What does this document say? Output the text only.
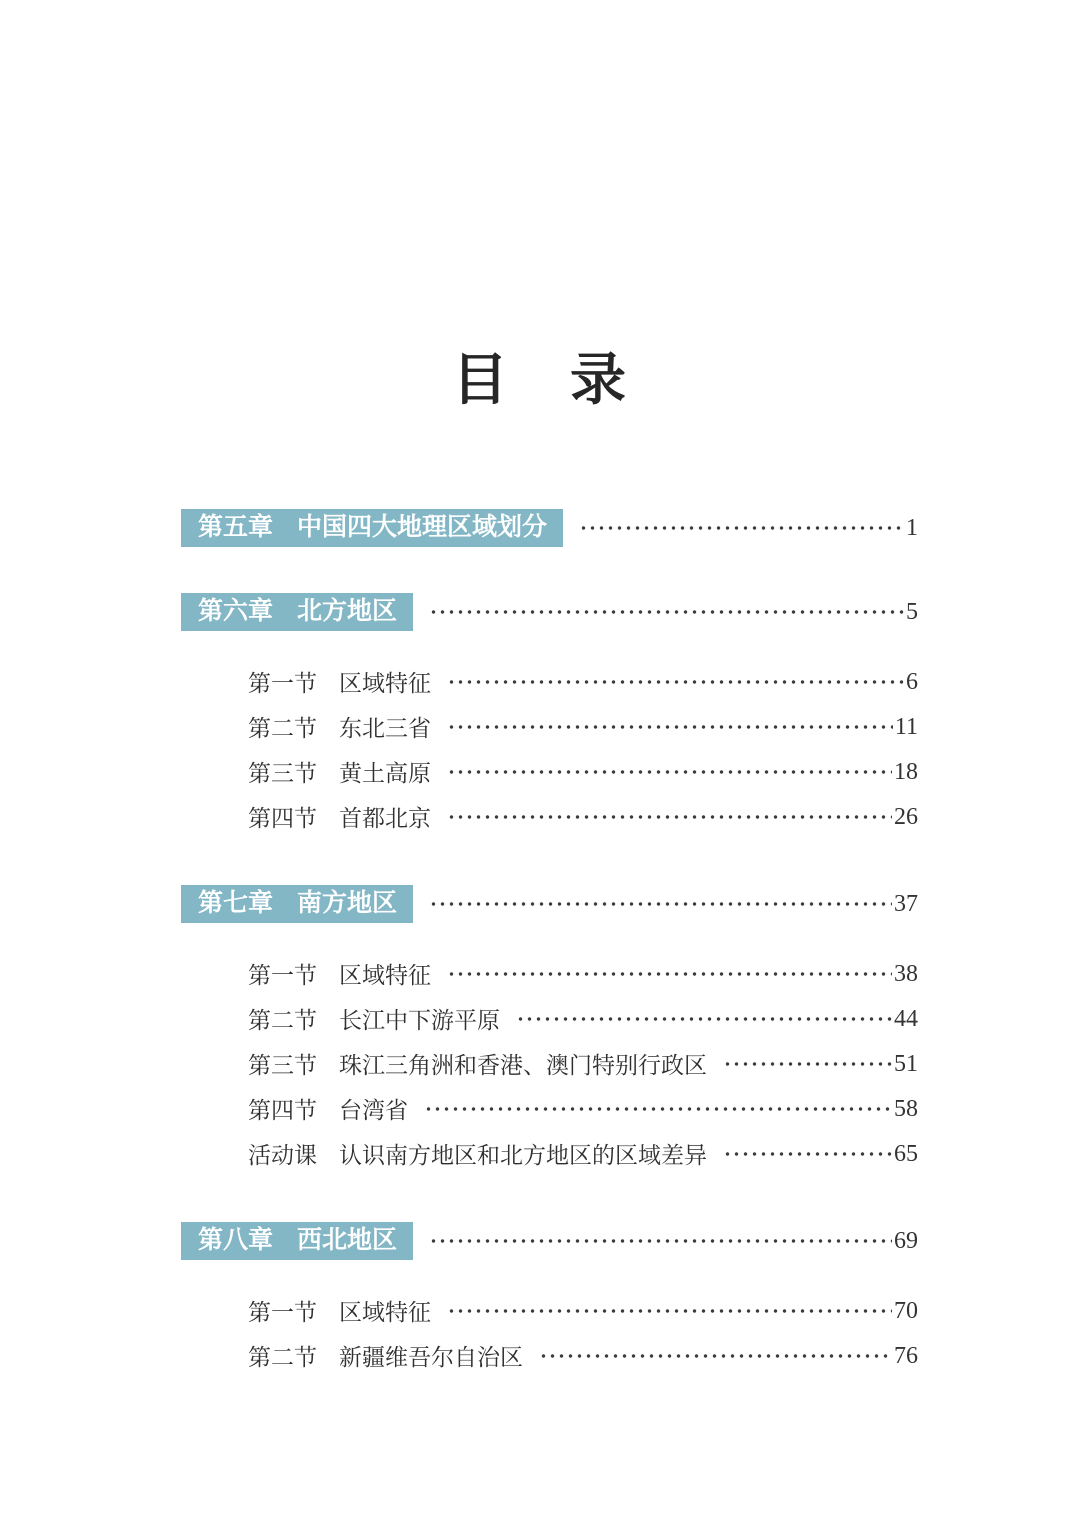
目 录
第五章 中国四大地理区域划分	1
第六章 北方地区	5
第一节 区域特征	6
第二节 东北三省	11
第三节 黄土高原	18
第四节 首都北京	26
第七章 南方地区	37
第一节 区域特征	38
第二节 长江中下游平原	44
第三节 珠江三角洲和香港、澳门特别行政区	51
第四节 台湾省	58
活动课 认识南方地区和北方地区的区域差异	65
第八章 西北地区	69
第一节 区域特征	70
第二节 新疆维吾尔自治区	76
